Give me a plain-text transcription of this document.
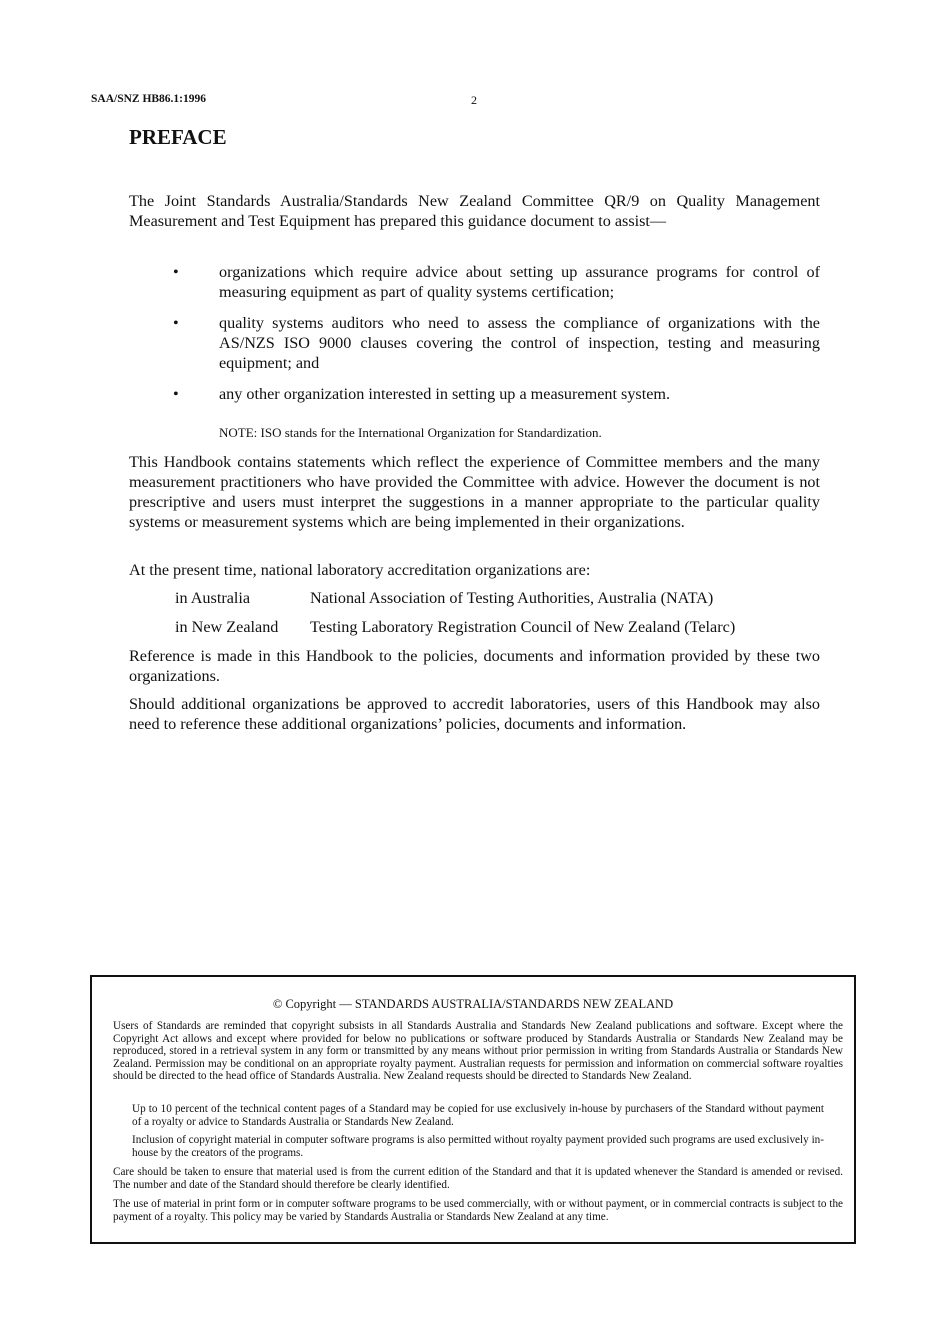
SAA/SNZ HB86.1:1996	2
PREFACE

The Joint Standards Australia/Standards New Zealand Committee QR/9 on Quality Management Measurement and Test Equipment has prepared this guidance document to assist—

• organizations which require advice about setting up assurance programs for control of measuring equipment as part of quality systems certification;
• quality systems auditors who need to assess the compliance of organizations with the AS/NZS ISO 9000 clauses covering the control of inspection, testing and measuring equipment; and
• any other organization interested in setting up a measurement system.
NOTE: ISO stands for the International Organization for Standardization.

This Handbook contains statements which reflect the experience of Committee members and the many measurement practitioners who have provided the Committee with advice. However the document is not prescriptive and users must interpret the suggestions in a manner appropriate to the particular quality systems or measurement systems which are being implemented in their organizations.

At the present time, national laboratory accreditation organizations are:

in Australia	National Association of Testing Authorities, Australia (NATA)
in New Zealand Testing Laboratory Registration Council of New Zealand (Telarc)

Reference is made in this Handbook to the policies, documents and information provided by these two organizations.

Should additional organizations be approved to accredit laboratories, users of this Handbook may also need to reference these additional organizations’ policies, documents and information.

© Copyright — STANDARDS AUSTRALIA/STANDARDS NEW ZEALAND

Users of Standards are reminded that copyright subsists in all Standards Australia and Standards New Zealand publications and software. Except where the Copyright Act allows and except where provided for below no publications or software produced by Standards Australia or Standards New Zealand may be reproduced, stored in a retrieval system in any form or transmitted by any means without prior permission in writing from Standards Australia or Standards New Zealand. Permission may be conditional on an appropriate royalty payment. Australian requests for permission and information on commercial software royalties should be directed to the head office of Standards Australia. New Zealand requests should be directed to Standards New Zealand.

Up to 10 percent of the technical content pages of a Standard may be copied for use exclusively in-house by purchasers of the Standard without payment of a royalty or advice to Standards Australia or Standards New Zealand.

Inclusion of copyright material in computer software programs is also permitted without royalty payment provided such programs are used exclusively in-house by the creators of the programs.

Care should be taken to ensure that material used is from the current edition of the Standard and that it is updated whenever the Standard is amended or revised. The number and date of the Standard should therefore be clearly identified.

The use of material in print form or in computer software programs to be used commercially, with or without payment, or in commercial contracts is subject to the payment of a royalty. This policy may be varied by Standards Australia or Standards New Zealand at any time.
